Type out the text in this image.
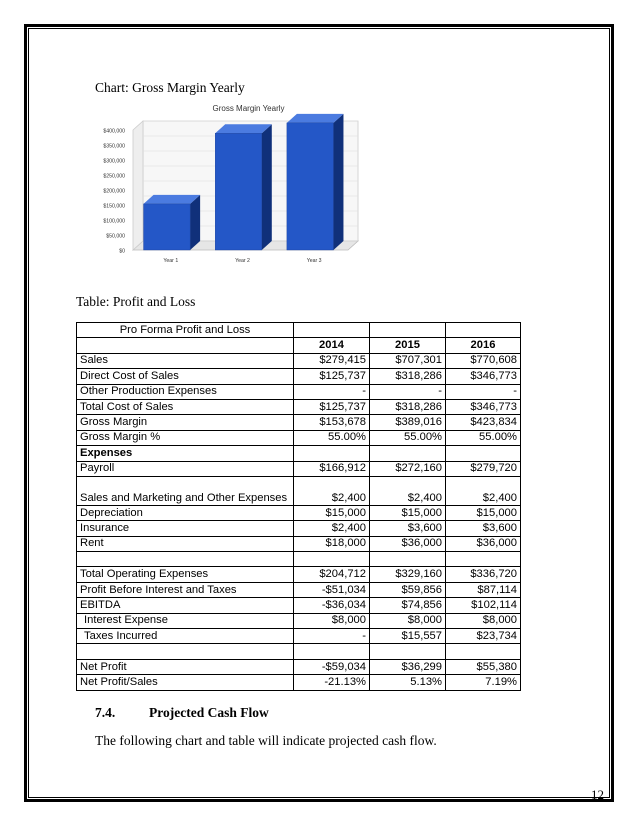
Chart: Gross Margin Yearly
Gross Margin Yearly
$0
$50,000
$100,000
$150,000
$200,000
$250,000
$300,000
$350,000
$400,000
Year 1	Year 2	Year 3
Table: Profit and Loss
Pro Forma Profit and Loss			
	2014	2015	2016
Sales	$279,415	$707,301	$770,608
Direct Cost of Sales	$125,737	$318,286	$346,773
Other Production Expenses	-	-	-
Total Cost of Sales	$125,737	$318,286	$346,773
Gross Margin	$153,678	$389,016	$423,834
Gross Margin %	55.00%	55.00%	55.00%
Expenses			
Payroll	$166,912	$272,160	$279,720
Sales and Marketing and Other Expenses	$2,400	$2,400	$2,400
Depreciation	$15,000	$15,000	$15,000
Insurance	$2,400	$3,600	$3,600
Rent	$18,000	$36,000	$36,000

Total Operating Expenses	$204,712	$329,160	$336,720
Profit Before Interest and Taxes	-$51,034	$59,856	$87,114
EBITDA	-$36,034	$74,856	$102,114
Interest Expense	$8,000	$8,000	$8,000
Taxes Incurred	-	$15,557	$23,734

Net Profit	-$59,034	$36,299	$55,380
Net Profit/Sales	-21.13%	5.13%	7.19%
7.4.	Projected Cash Flow
The following chart and table will indicate projected cash flow.
12
